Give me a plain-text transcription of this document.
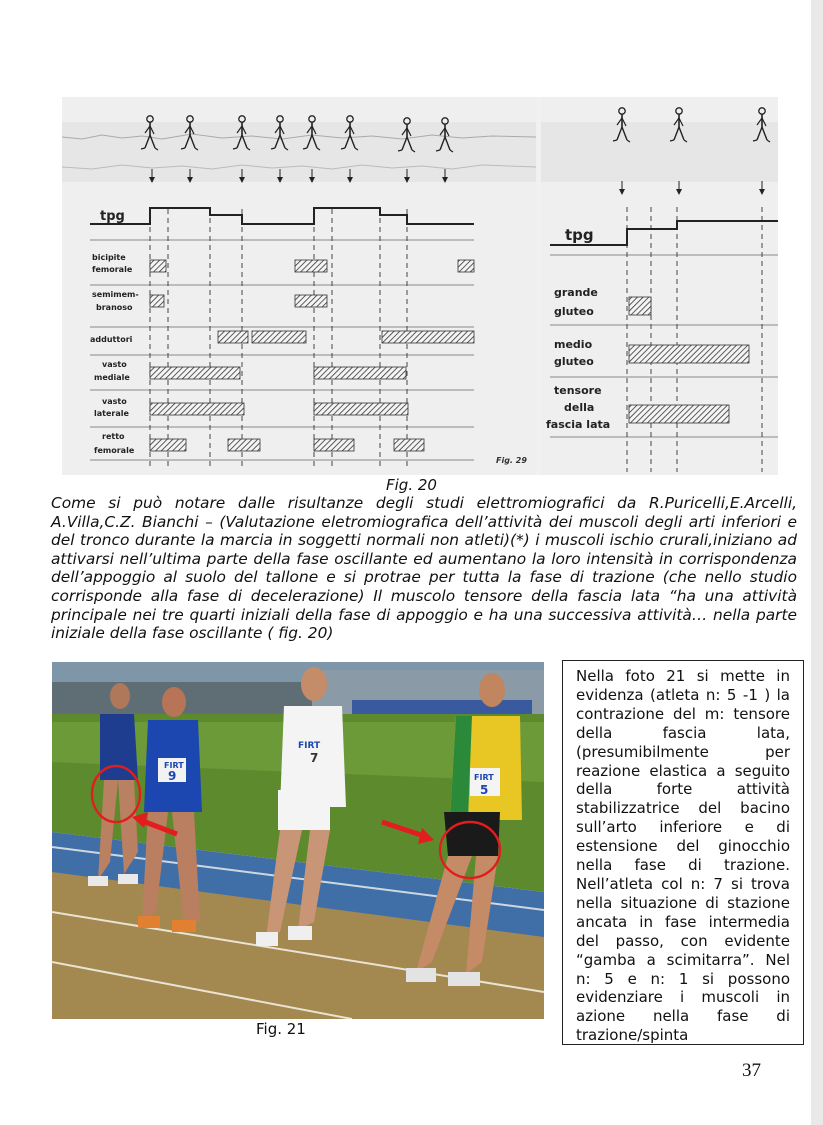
tpg
bicipite
femorale
semimem-
branoso
adduttori
vasto
mediale
vasto
laterale
retto
femorale
Fig. 29
tpg
grande
gluteo
medio
gluteo
tensore
della
fascia lata
Fig. 20
Come si può notare dalle risultanze degli studi elettromiografici da R.Puricelli,E.Arcelli, A.Villa,C.Z. Bianchi – (Valutazione eletromiografica dell’attività dei muscoli degli arti inferiori e del tronco durante la marcia in soggetti normali non atleti)(*) i muscoli ischio crurali,iniziano ad attivarsi nell’ultima parte della fase oscillante ed aumentano la loro intensità in corrispondenza dell’appoggio al suolo del tallone e si protrae per tutta la fase di trazione (che nello studio corrisponde alla fase di decelerazione) Il muscolo tensore della fascia lata “ha una attività principale nei tre quarti iniziali della fase di appoggio e ha una successiva attività… nella parte iniziale della fase oscillante ( fig. 20)
FIRT
9
FIRT
7
FIRT
5
Fig. 21

Nella foto 21 si mette in evidenza (atleta n: 5 -1 ) la contrazione del m: tensore della fascia lata, (presumibilmente per reazione elastica a seguito della forte attività stabilizzatrice del bacino sull’arto inferiore e di estensione del ginocchio nella fase di trazione. Nell’atleta col n: 7 si trova nella situazione di stazione ancata in fase intermedia del passo, con evidente “gamba a scimitarra”. Nel n: 5 e n: 1 si possono evidenziare i muscoli in azione nella fase di trazione/spinta

37
